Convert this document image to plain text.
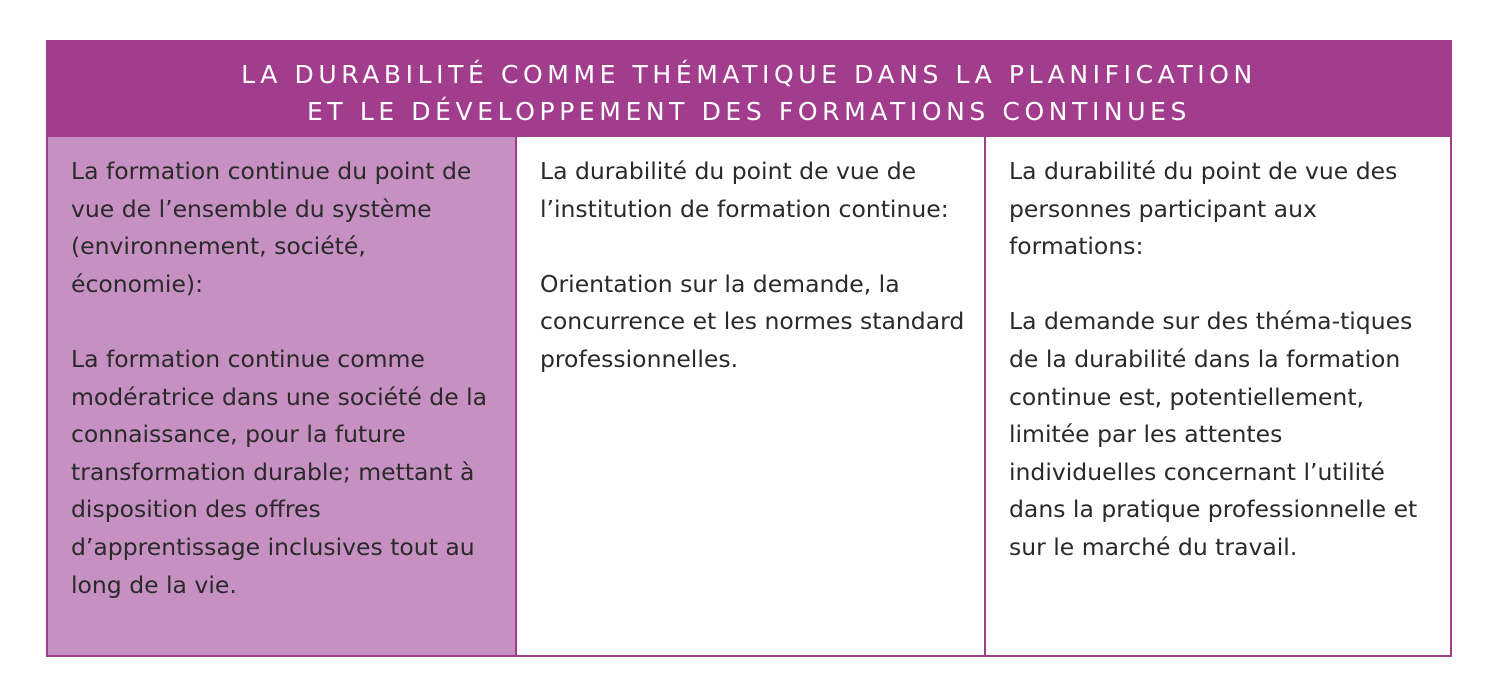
LA DURABILITÉ COMME THÉMATIQUE DANS LA PLANIFICATION
ET LE DÉVELOPPEMENT DES FORMATIONS CONTINUES

La formation continue du point de vue de l’ensemble du système (environnement, société, économie):

La formation continue comme modératrice dans une société de la connaissance, pour la future transformation durable; mettant à disposition des offres d’apprentissage inclusives tout au long de la vie.

La durabilité du point de vue de l’institution de formation continue:

Orientation sur la demande, la concurrence et les normes standard professionnelles.

La durabilité du point de vue des personnes participant aux formations:

La demande sur des théma-tiques de la durabilité dans la formation continue est, potentiellement, limitée par les attentes individuelles concernant l’utilité dans la pratique professionnelle et sur le marché du travail.
